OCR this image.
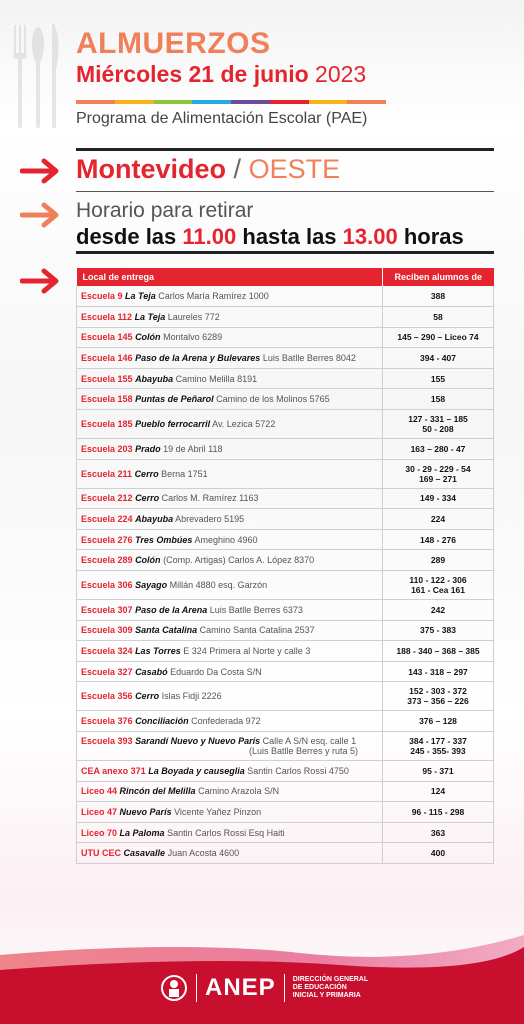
ALMUERZOS
Miércoles 21 de junio 2023
Programa de Alimentación Escolar (PAE)
Montevideo / OESTE
Horario para retirar
desde las 11.00 hasta las 13.00 horas
Local de entrega	Reciben alumnos de
Escuela 9 La Teja Carlos María Ramírez 1000	388

Escuela 112 La Teja Laureles 772	58

Escuela 145 Colón Montalvo 6289	145 – 290 – Liceo 74

Escuela 146 Paso de la Arena y Bulevares Luis Batlle Berres 8042	394 - 407

Escuela 155 Abayuba Camino Melilla 8191	155

Escuela 158 Puntas de Peñarol Camino de los Molinos 5765	158

Escuela 185 Pueblo ferrocarril Av. Lezica 5722	127 - 331 – 185
50 - 208

Escuela 203 Prado 19 de Abril 118	163 – 280 - 47

Escuela 211 Cerro Berna 1751	30 - 29 - 229 - 54
169 – 271

Escuela 212 Cerro Carlos M. Ramírez 1163	149 - 334

Escuela 224 Abayuba Abrevadero 5195	224

Escuela 276 Tres Ombúes Ameghino 4960	148 - 276

Escuela 289 Colón (Comp. Artigas) Carlos A. López 8370	289

Escuela 306 Sayago Millán 4880 esq. Garzón	110 - 122 - 306
161 - Cea 161

Escuela 307 Paso de la Arena Luis Batlle Berres 6373	242

Escuela 309 Santa Catalina Camino Santa Catalina 2537	375 - 383

Escuela 324 Las Torres E 324 Primera al Norte y calle 3	188 - 340 – 368 – 385

Escuela 327 Casabó Eduardo Da Costa S/N	143 - 318 – 297

Escuela 356 Cerro Islas Fidji 2226	152 - 303 - 372
373 – 356 – 226

Escuela 376 Conciliación Confederada 972	376 – 128

Escuela 393 Sarandí Nuevo y Nuevo París Calle A S/N esq. calle 1
(Luis Batlle Berres y ruta 5)	384 - 177 - 337
245 - 355- 393

CEA anexo 371 La Boyada y causeglia Santin Carlos Rossi 4750	95 - 371

Liceo 44 Rincón del Melilla Camino Arazola S/N	124

Liceo 47 Nuevo París Vicente Yañez Pinzon	96 - 115 - 298

Liceo 70 La Paloma Santin Carlos Rossi Esq Haiti	363

UTU CEC Casavalle Juan Acosta 4600	400
ANEP DIRECCIÓN GENERAL
DE EDUCACIÓN
INICIAL Y PRIMARIA
